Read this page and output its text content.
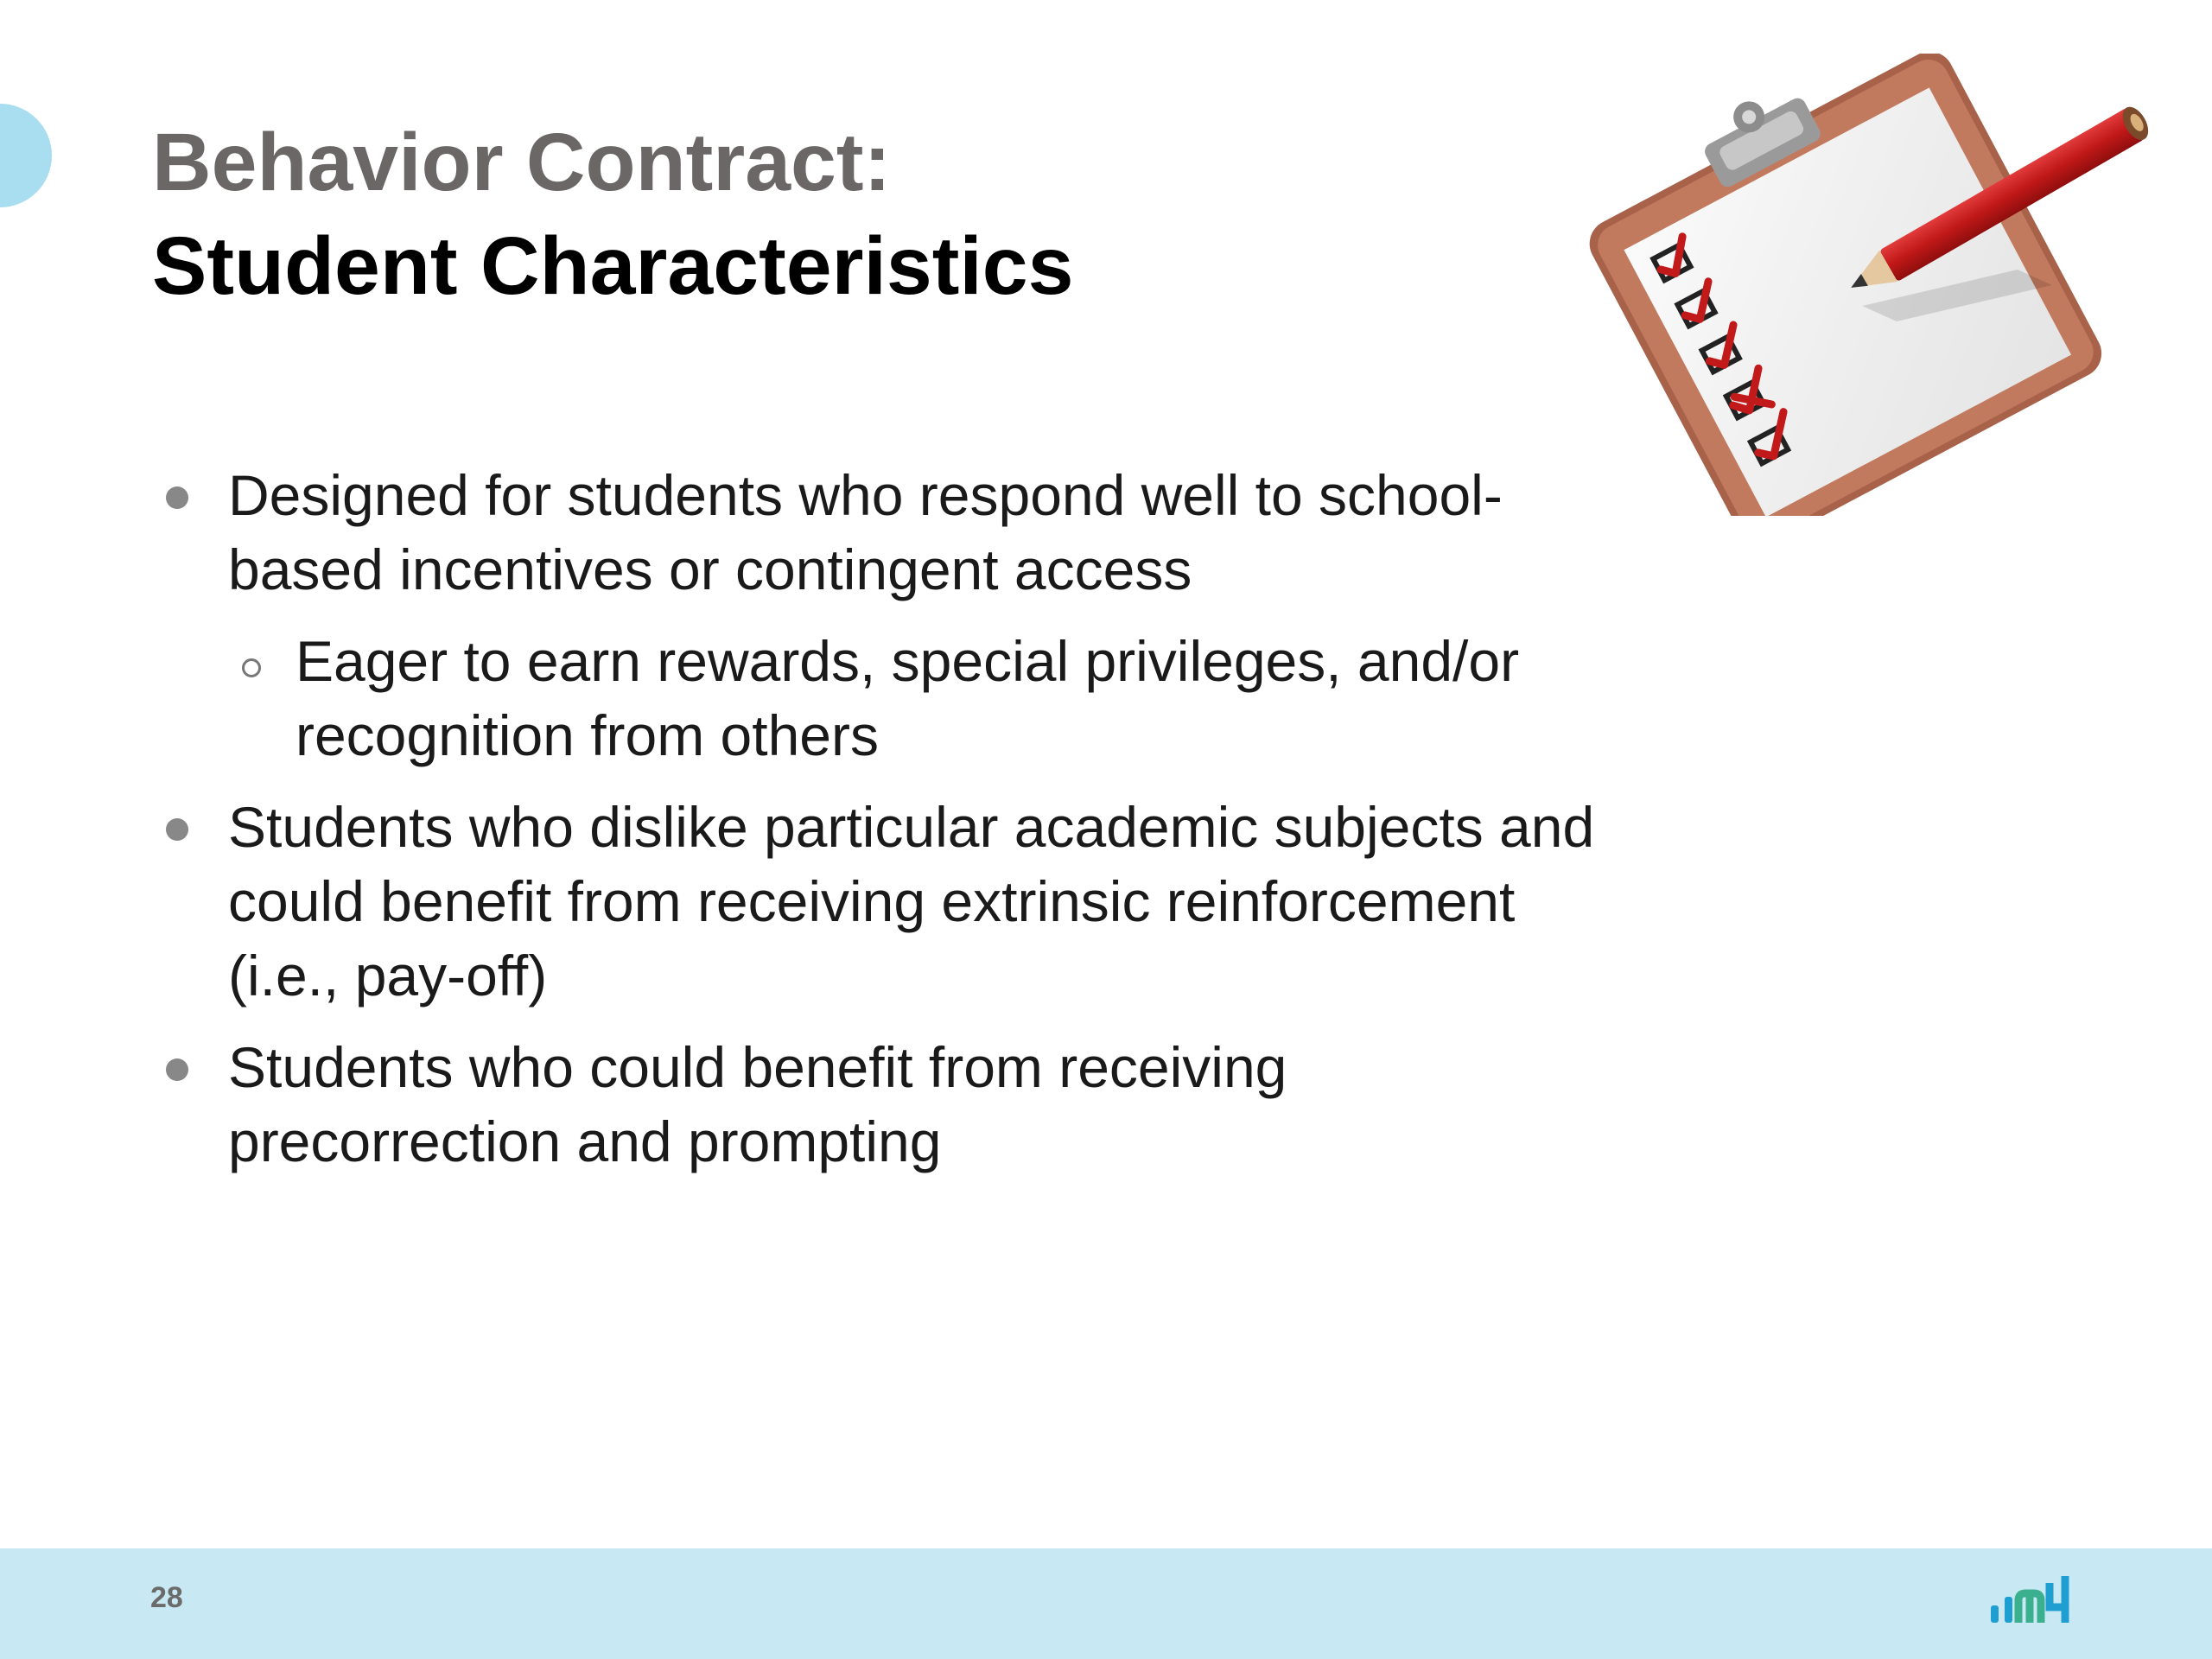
Behavior Contract:
Student Characteristics
Designed for students who respond well to school-based incentives or contingent access
Eager to earn rewards, special privileges, and/or recognition from others
Students who dislike particular academic subjects and could benefit from receiving extrinsic reinforcement (i.e., pay-off)
Students who could benefit from receiving precorrection and prompting
28
